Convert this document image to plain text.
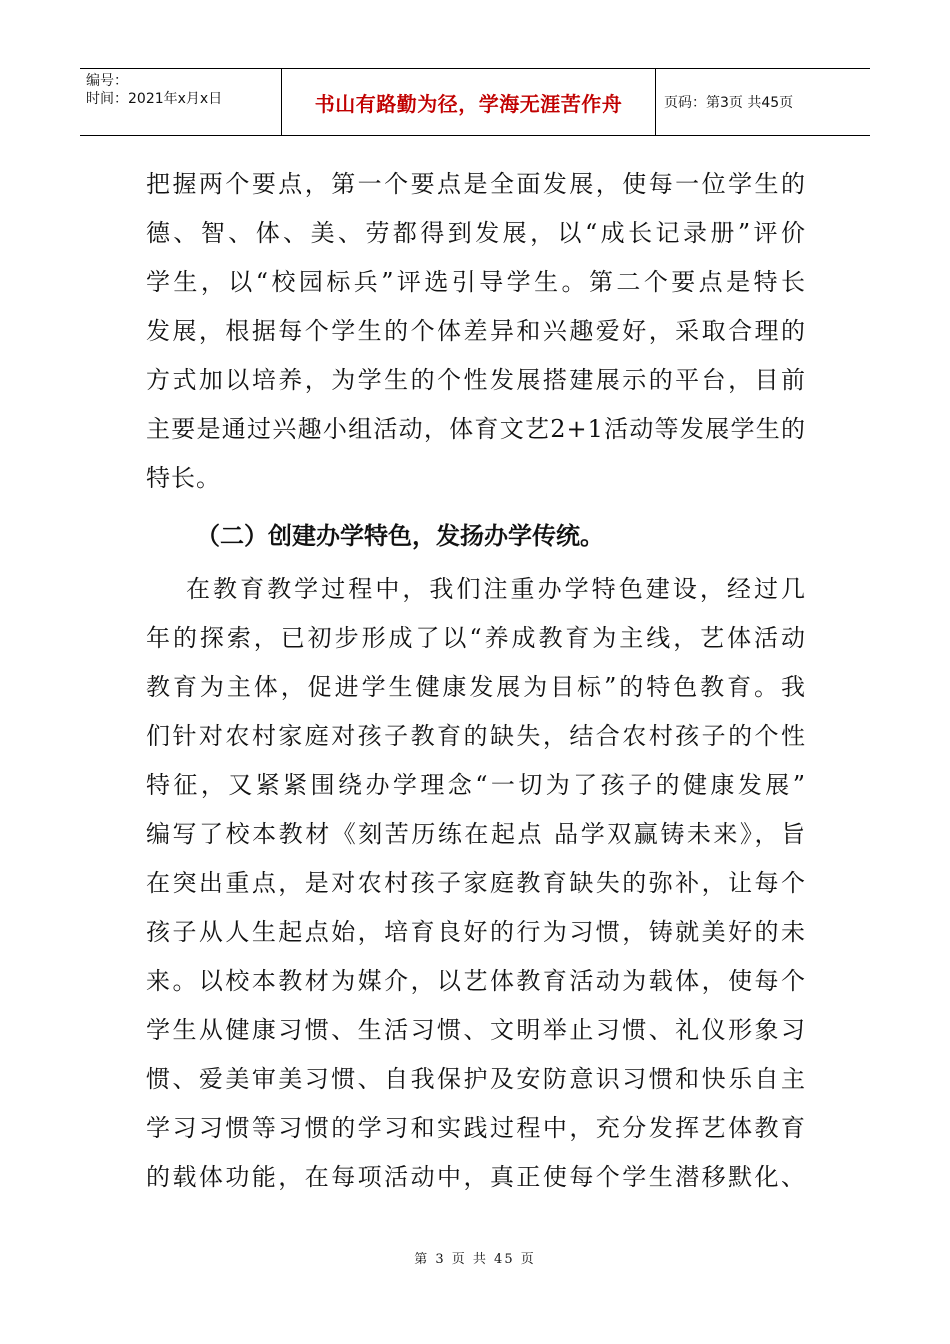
编号：
时间：2021年x月x日	书山有路勤为径，学海无涯苦作舟	页码：第3页 共45页
把握两个要点，第一个要点是全面发展，使每一位学生的
德、智、体、美、劳都得到发展，以“成长记录册”评价
学生，以“校园标兵”评选引导学生。第二个要点是特长
发展，根据每个学生的个体差异和兴趣爱好，采取合理的
方式加以培养，为学生的个性发展搭建展示的平台，目前
主要是通过兴趣小组活动，体育文艺2+1活动等发展学生的
特长。
（二）创建办学特色，发扬办学传统。
在教育教学过程中，我们注重办学特色建设，经过几
年的探索，已初步形成了以“养成教育为主线，艺体活动
教育为主体，促进学生健康发展为目标”的特色教育。我
们针对农村家庭对孩子教育的缺失，结合农村孩子的个性
特征，又紧紧围绕办学理念“一切为了孩子的健康发展”
编写了校本教材《刻苦历练在起点 品学双赢铸未来》，旨
在突出重点，是对农村孩子家庭教育缺失的弥补，让每个
孩子从人生起点始，培育良好的行为习惯，铸就美好的未
来。以校本教材为媒介，以艺体教育活动为载体，使每个
学生从健康习惯、生活习惯、文明举止习惯、礼仪形象习
惯、爱美审美习惯、自我保护及安防意识习惯和快乐自主
学习习惯等习惯的学习和实践过程中，充分发挥艺体教育
的载体功能，在每项活动中，真正使每个学生潜移默化、
第 3 页 共 45 页
